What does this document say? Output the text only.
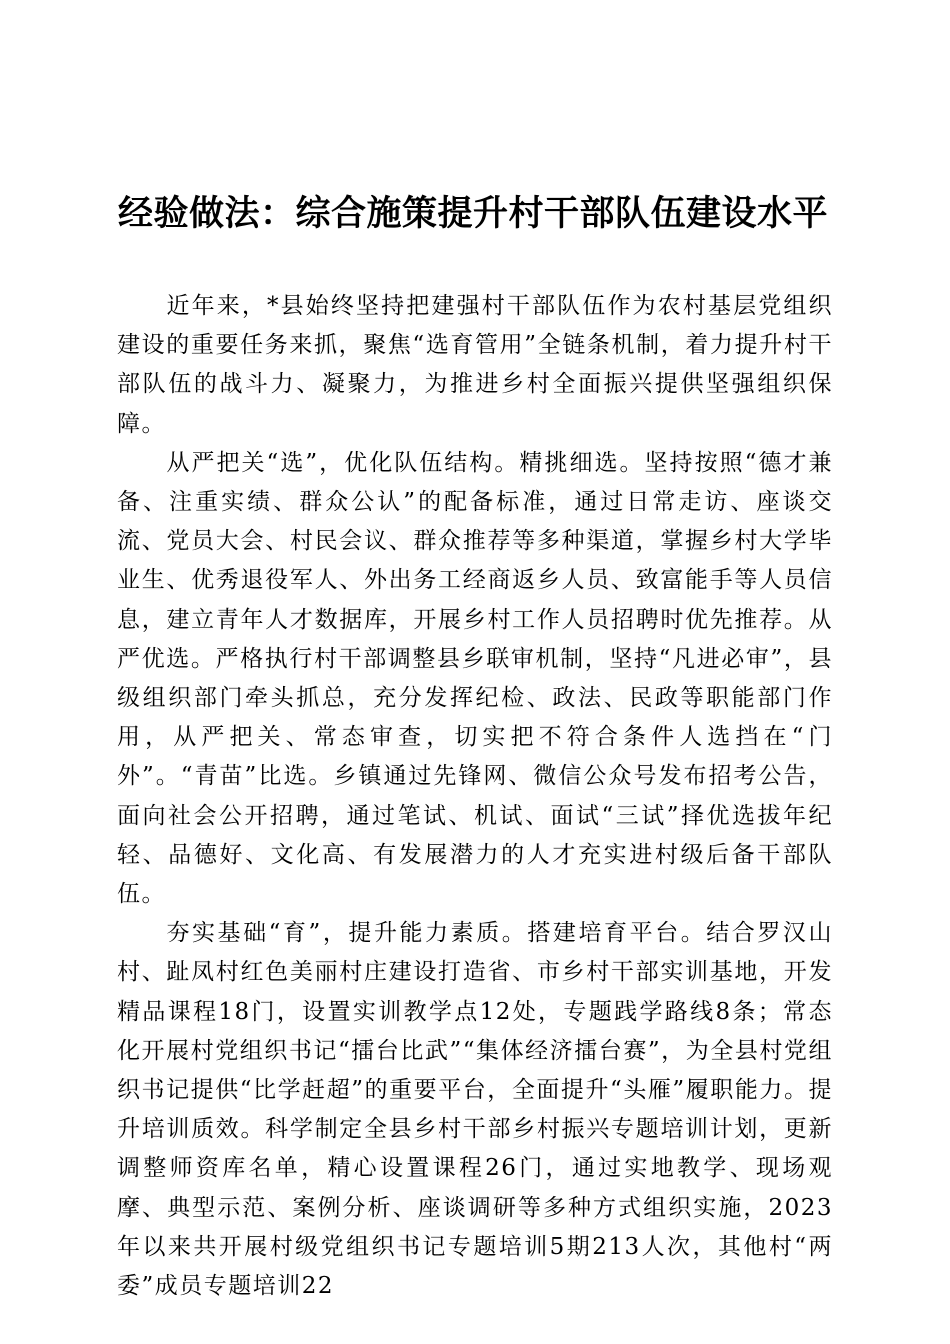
经验做法：综合施策提升村干部队伍建设水平

近年来，*县始终坚持把建强村干部队伍作为农村基层党组织建设的重要任务来抓，聚焦“选育管用”全链条机制，着力提升村干部队伍的战斗力、凝聚力，为推进乡村全面振兴提供坚强组织保障。

从严把关“选”，优化队伍结构。精挑细选。坚持按照“德才兼备、注重实绩、群众公认”的配备标准，通过日常走访、座谈交流、党员大会、村民会议、群众推荐等多种渠道，掌握乡村大学毕业生、优秀退役军人、外出务工经商返乡人员、致富能手等人员信息，建立青年人才数据库，开展乡村工作人员招聘时优先推荐。从严优选。严格执行村干部调整县乡联审机制，坚持“凡进必审”，县级组织部门牵头抓总，充分发挥纪检、政法、民政等职能部门作用，从严把关、常态审查，切实把不符合条件人选挡在“门外”。“青苗”比选。乡镇通过先锋网、微信公众号发布招考公告，面向社会公开招聘，通过笔试、机试、面试“三试”择优选拔年纪轻、品德好、文化高、有发展潜力的人才充实进村级后备干部队伍。

夯实基础“育”，提升能力素质。搭建培育平台。结合罗汉山村、趾凤村红色美丽村庄建设打造省、市乡村干部实训基地，开发精品课程18门，设置实训教学点12处，专题践学路线8条；常态化开展村党组织书记“擂台比武”“集体经济擂台赛”，为全县村党组织书记提供“比学赶超”的重要平台，全面提升“头雁”履职能力。提升培训质效。科学制定全县乡村干部乡村振兴专题培训计划，更新调整师资库名单，精心设置课程26门，通过实地教学、现场观摩、典型示范、案例分析、座谈调研等多种方式组织实施，2023年以来共开展村级党组织书记专题培训5期213人次，其他村“两委”成员专题培训22
